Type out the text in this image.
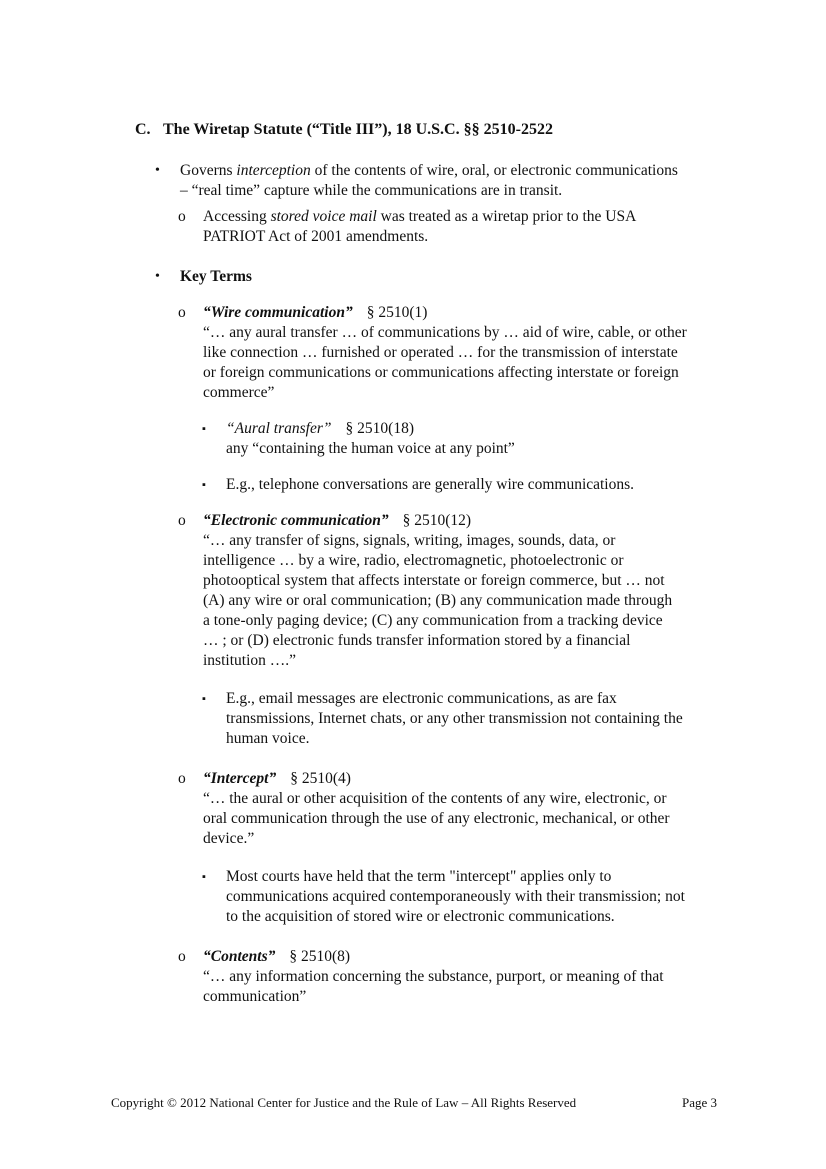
C. The Wiretap Statute (“Title III”), 18 U.S.C. §§ 2510-2522
• Governs interception of the contents of wire, oral, or electronic communications
– “real time” capture while the communications are in transit.
o Accessing stored voice mail was treated as a wiretap prior to the USA
PATRIOT Act of 2001 amendments.
• Key Terms
o “Wire communication” § 2510(1)
“… any aural transfer … of communications by … aid of wire, cable, or other
like connection … furnished or operated … for the transmission of interstate
or foreign communications or communications affecting interstate or foreign
commerce”
▪ “Aural transfer” § 2510(18)
any “containing the human voice at any point”
▪ E.g., telephone conversations are generally wire communications.
o “Electronic communication” § 2510(12)
“… any transfer of signs, signals, writing, images, sounds, data, or
intelligence … by a wire, radio, electromagnetic, photoelectronic or
photooptical system that affects interstate or foreign commerce, but … not
(A) any wire or oral communication; (B) any communication made through
a tone-only paging device; (C) any communication from a tracking device
… ; or (D) electronic funds transfer information stored by a financial
institution ….”
▪ E.g., email messages are electronic communications, as are fax
transmissions, Internet chats, or any other transmission not containing the
human voice.
o “Intercept” § 2510(4)
“… the aural or other acquisition of the contents of any wire, electronic, or
oral communication through the use of any electronic, mechanical, or other
device.”
▪ Most courts have held that the term "intercept" applies only to
communications acquired contemporaneously with their transmission; not
to the acquisition of stored wire or electronic communications.
o “Contents” § 2510(8)
“… any information concerning the substance, purport, or meaning of that
communication”
Copyright © 2012 National Center for Justice and the Rule of Law – All Rights Reserved	Page 3
